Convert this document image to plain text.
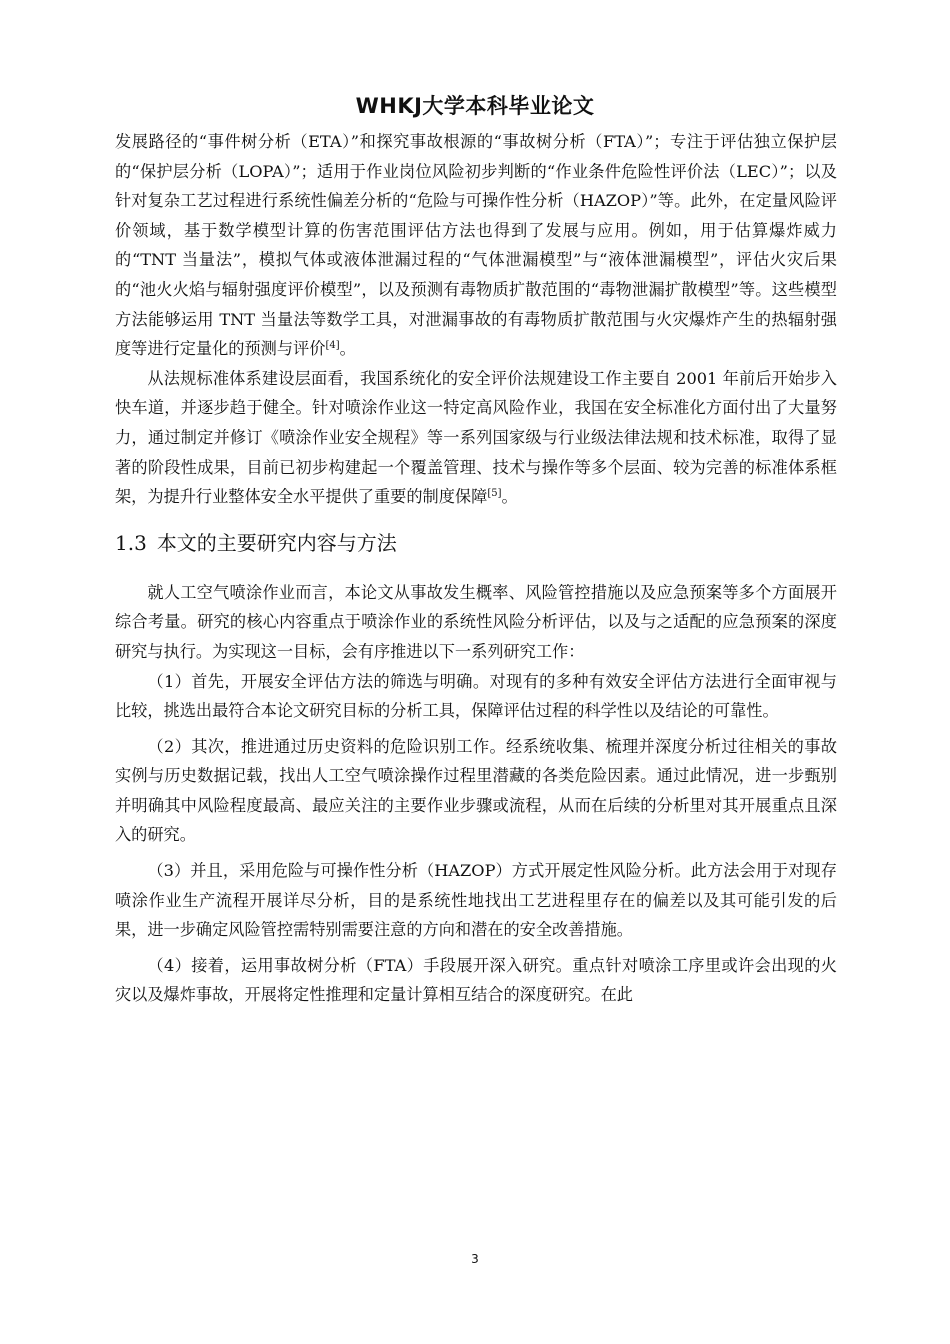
WHKJ大学本科毕业论文

发展路径的“事件树分析（ETA）”和探究事故根源的“事故树分析（FTA）”；专注于评估独立保护层的“保护层分析（LOPA）”；适用于作业岗位风险初步判断的“作业条件危险性评价法（LEC）”；以及针对复杂工艺过程进行系统性偏差分析的“危险与可操作性分析（HAZOP）”等。此外，在定量风险评价领域，基于数学模型计算的伤害范围评估方法也得到了发展与应用。例如，用于估算爆炸威力的“TNT 当量法”，模拟气体或液体泄漏过程的“气体泄漏模型”与“液体泄漏模型”，评估火灾后果的“池火火焰与辐射强度评价模型”，以及预测有毒物质扩散范围的“毒物泄漏扩散模型”等。这些模型方法能够运用 TNT 当量法等数学工具，对泄漏事故的有毒物质扩散范围与火灾爆炸产生的热辐射强度等进行定量化的预测与评价[4]。

从法规标准体系建设层面看，我国系统化的安全评价法规建设工作主要自 2001 年前后开始步入快车道，并逐步趋于健全。针对喷涂作业这一特定高风险作业，我国在安全标准化方面付出了大量努力，通过制定并修订《喷涂作业安全规程》等一系列国家级与行业级法律法规和技术标准，取得了显著的阶段性成果，目前已初步构建起一个覆盖管理、技术与操作等多个层面、较为完善的标准体系框架，为提升行业整体安全水平提供了重要的制度保障[5]。

1.3 本文的主要研究内容与方法

就人工空气喷涂作业而言，本论文从事故发生概率、风险管控措施以及应急预案等多个方面展开综合考量。研究的核心内容重点于喷涂作业的系统性风险分析评估，以及与之适配的应急预案的深度研究与执行。为实现这一目标，会有序推进以下一系列研究工作：

（1）首先，开展安全评估方法的筛选与明确。对现有的多种有效安全评估方法进行全面审视与比较，挑选出最符合本论文研究目标的分析工具，保障评估过程的科学性以及结论的可靠性。

（2）其次，推进通过历史资料的危险识别工作。经系统收集、梳理并深度分析过往相关的事故实例与历史数据记载，找出人工空气喷涂操作过程里潜藏的各类危险因素。通过此情况，进一步甄别并明确其中风险程度最高、最应关注的主要作业步骤或流程，从而在后续的分析里对其开展重点且深入的研究。

（3）并且，采用危险与可操作性分析（HAZOP）方式开展定性风险分析。此方法会用于对现存喷涂作业生产流程开展详尽分析，目的是系统性地找出工艺进程里存在的偏差以及其可能引发的后果，进一步确定风险管控需特别需要注意的方向和潜在的安全改善措施。

（4）接着，运用事故树分析（FTA）手段展开深入研究。重点针对喷涂工序里或许会出现的火灾以及爆炸事故，开展将定性推理和定量计算相互结合的深度研究。在此

3
